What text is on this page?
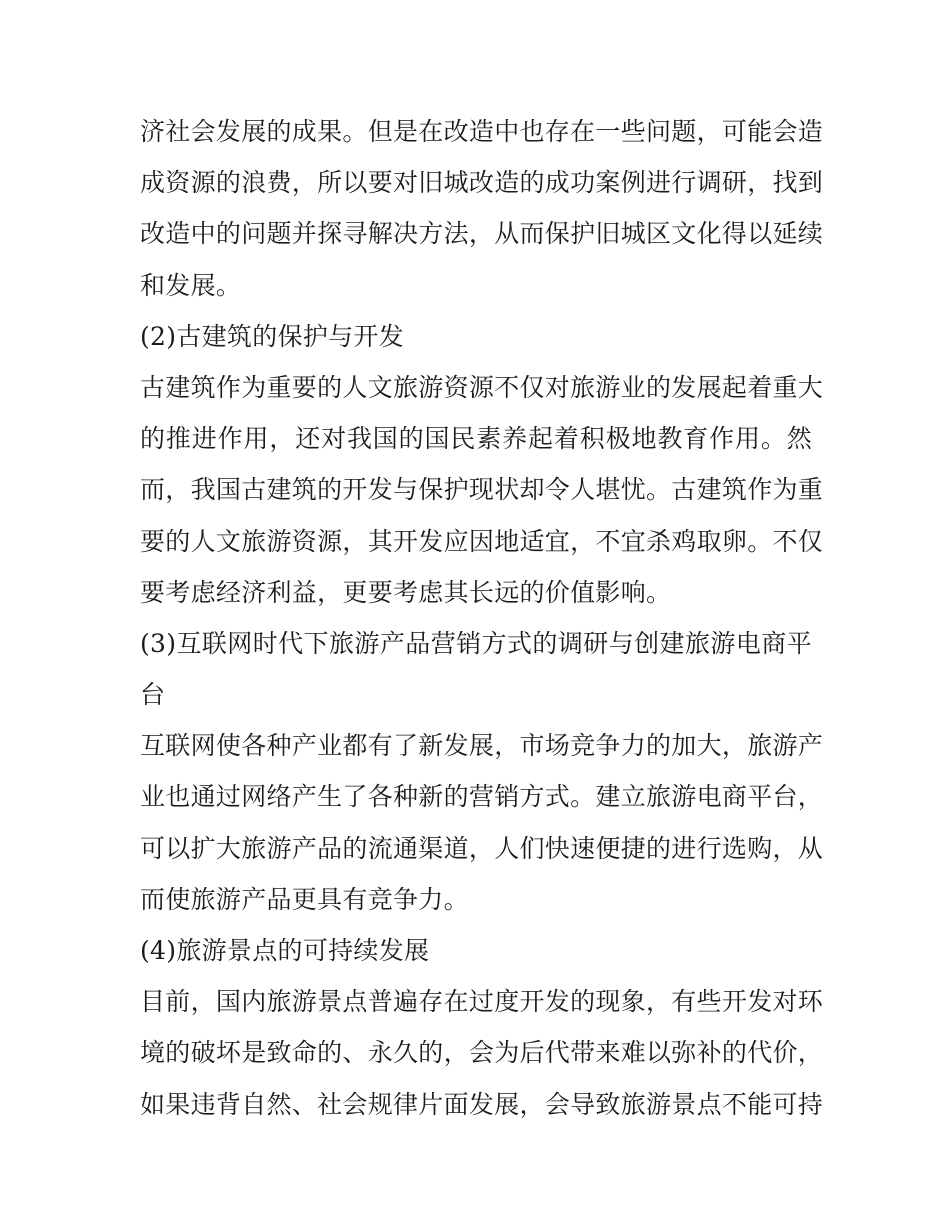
济社会发展的成果。但是在改造中也存在一些问题，可能会造
成资源的浪费，所以要对旧城改造的成功案例进行调研，找到
改造中的问题并探寻解决方法，从而保护旧城区文化得以延续
和发展。
(2)古建筑的保护与开发
古建筑作为重要的人文旅游资源不仅对旅游业的发展起着重大
的推进作用，还对我国的国民素养起着积极地教育作用。然
而，我国古建筑的开发与保护现状却令人堪忧。古建筑作为重
要的人文旅游资源，其开发应因地适宜，不宜杀鸡取卵。不仅
要考虑经济利益，更要考虑其长远的价值影响。
(3)互联网时代下旅游产品营销方式的调研与创建旅游电商平
台
互联网使各种产业都有了新发展，市场竞争力的加大，旅游产
业也通过网络产生了各种新的营销方式。建立旅游电商平台，
可以扩大旅游产品的流通渠道，人们快速便捷的进行选购，从
而使旅游产品更具有竞争力。
(4)旅游景点的可持续发展
目前，国内旅游景点普遍存在过度开发的现象，有些开发对环
境的破坏是致命的、永久的，会为后代带来难以弥补的代价，
如果违背自然、社会规律片面发展，会导致旅游景点不能可持
